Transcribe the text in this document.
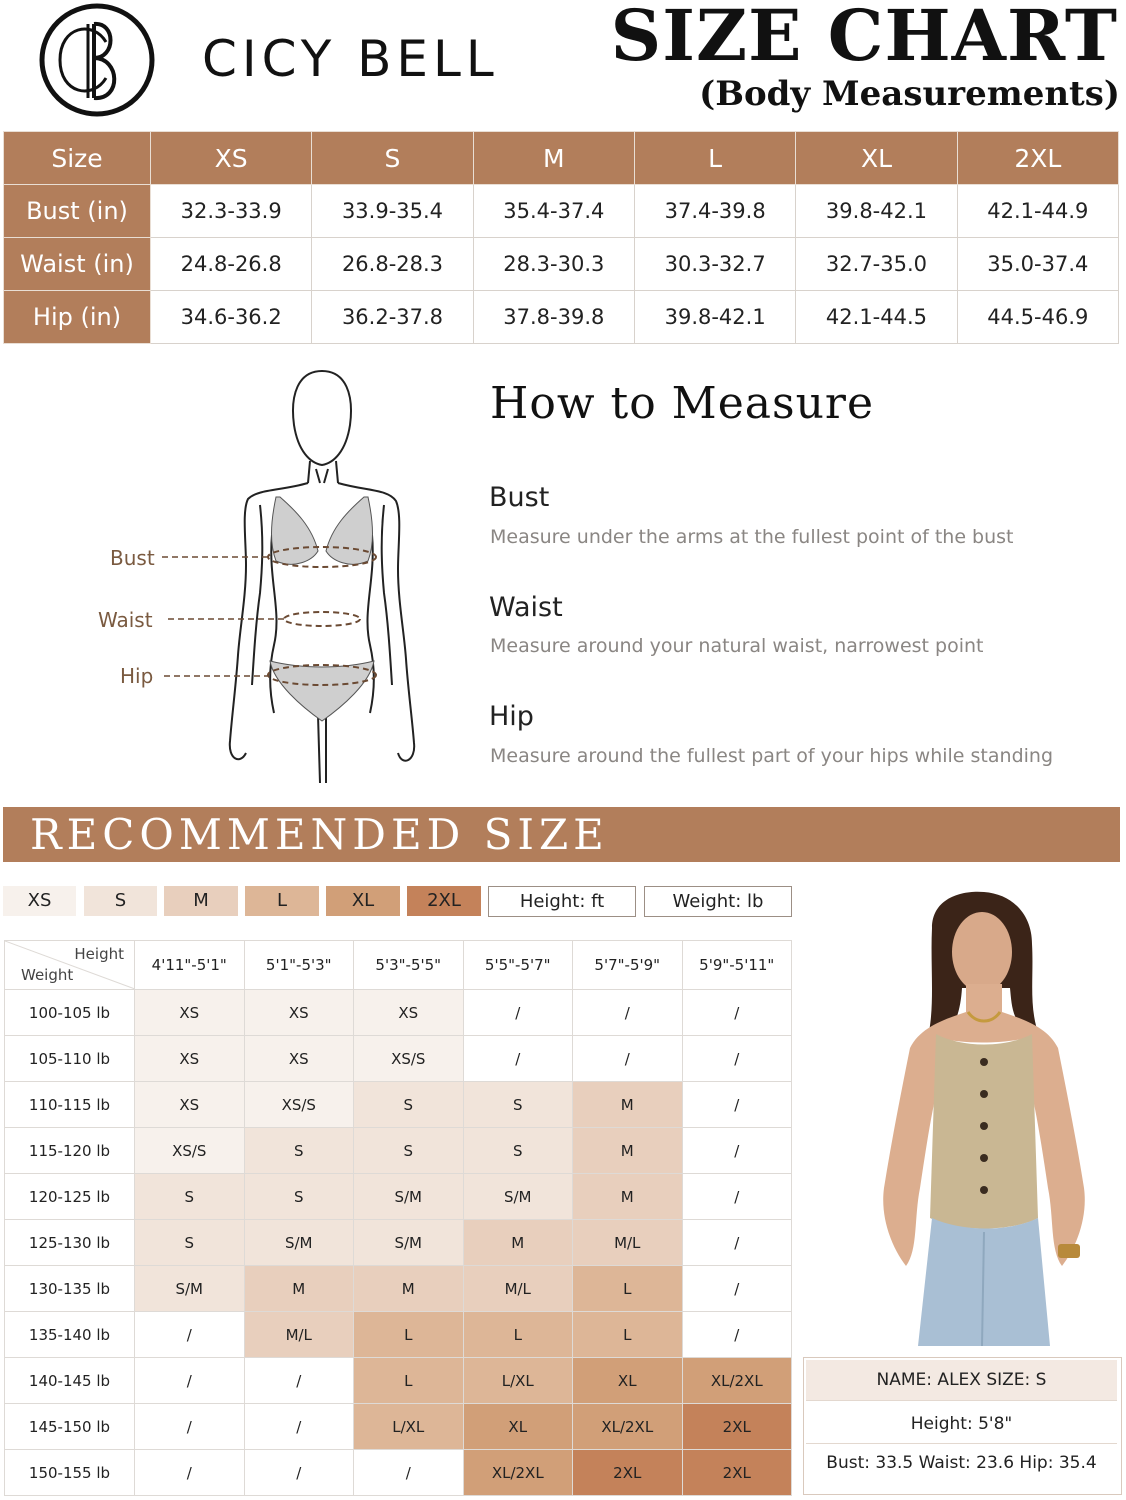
CICY BELL SIZE CHART
(Body Measurements)
Size	XS	S	M	L	XL	2XL
Bust (in)	32.3-33.9	33.9-35.4	35.4-37.4	37.4-39.8	39.8-42.1	42.1-44.9
Waist (in)	24.8-26.8	26.8-28.3	28.3-30.3	30.3-32.7	32.7-35.0	35.0-37.4
Hip (in)	34.6-36.2	36.2-37.8	37.8-39.8	39.8-42.1	42.1-44.5	44.5-46.9
Bust
Waist
Hip
How to Measure
Bust
Measure under the arms at the fullest point of the bust
Waist
Measure around your natural waist, narrowest point
Hip
Measure around the fullest part of your hips while standing
RECOMMENDED SIZE
XS	S	M	L	XL	2XL	Height: ft	Weight: lb
Height
Weight	4'11"-5'1"	5'1"-5'3"	5'3"-5'5"	5'5"-5'7"	5'7"-5'9"	5'9"-5'11"
100-105 lb	XS	XS	XS	/	/	/
105-110 lb	XS	XS	XS/S	/	/	/
110-115 lb	XS	XS/S	S	S	M	/
115-120 lb	XS/S	S	S	S	M	/
120-125 lb	S	S	S/M	S/M	M	/
125-130 lb	S	S/M	S/M	M	M/L	/
130-135 lb	S/M	M	M	M/L	L	/
135-140 lb	/	M/L	L	L	L	/
140-145 lb	/	/	L	L/XL	XL	XL/2XL
145-150 lb	/	/	L/XL	XL	XL/2XL	2XL
150-155 lb	/	/	/	XL/2XL	2XL	2XL
NAME: ALEX SIZE: S
Height: 5'8"
Bust: 33.5 Waist: 23.6 Hip: 35.4
